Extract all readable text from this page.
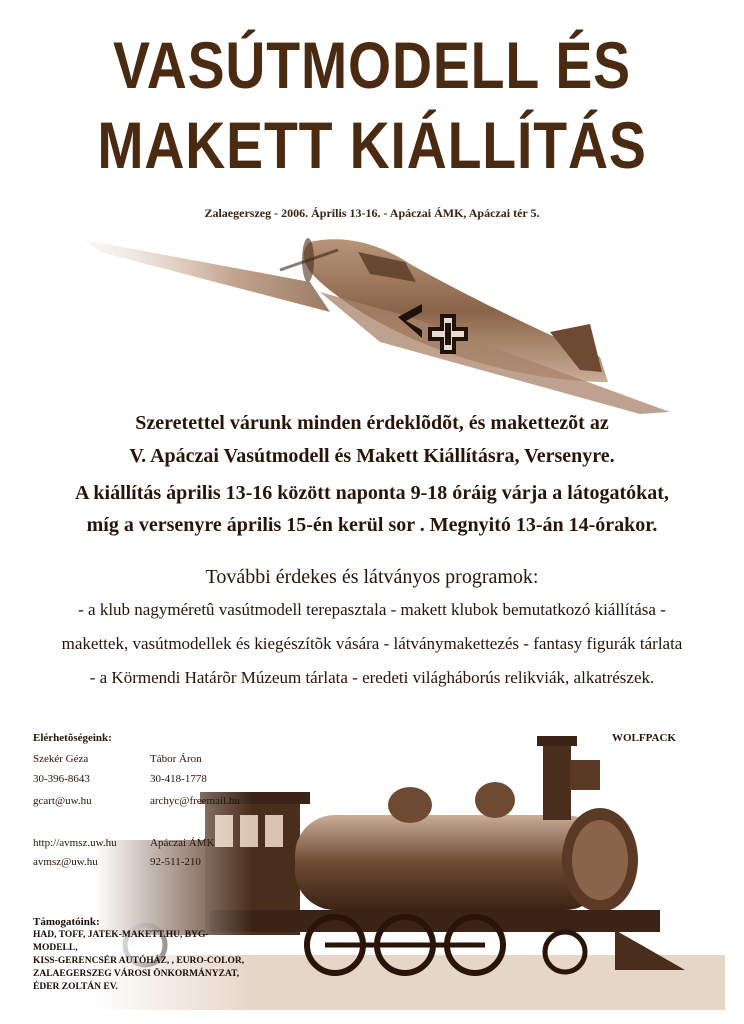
VASÚTMODELL ÉS
MAKETT KIÁLLÍTÁS
Zalaegerszeg - 2006. Április 13-16. - Apáczai ÁMK, Apáczai tér 5.
Szeretettel várunk minden érdeklõdõt, és makettezõt az
V. Apáczai Vasútmodell és Makett Kiállításra, Versenyre.
A kiállítás április 13-16 között naponta 9-18 óráig várja a látogatókat,
míg a versenyre április 15-én kerül sor . Megnyitó 13-án 14-órakor.
További érdekes és látványos programok:
- a klub nagyméretû vasútmodell terepasztala - makett klubok bemutatkozó kiállítása -
makettek, vasútmodellek és kiegészítõk vására - látványmakettezés - fantasy figurák tárlata
- a Körmendi Határõr Múzeum tárlata - eredeti világháborús relikviák, alkatrészek.
Elérhetõségeink:
Szekér Géza
30-396-8643
gcart@uw.hu
Tábor Áron
30-418-1778
archyc@freemail.hu
http://avmsz.uw.hu
avmsz@uw.hu
Apáczai ÁMK
92-511-210
WOLFPACK
Támogatóink:
HAD, TOFF, JATEK-MAKETT.HU, BYG-MODELL,
KISS-GERENCSÉR AUTÓHÁZ, , EURO-COLOR,
ZALAEGERSZEG VÁROSI ÖNKORMÁNYZAT,
ÉDER ZOLTÁN EV.
